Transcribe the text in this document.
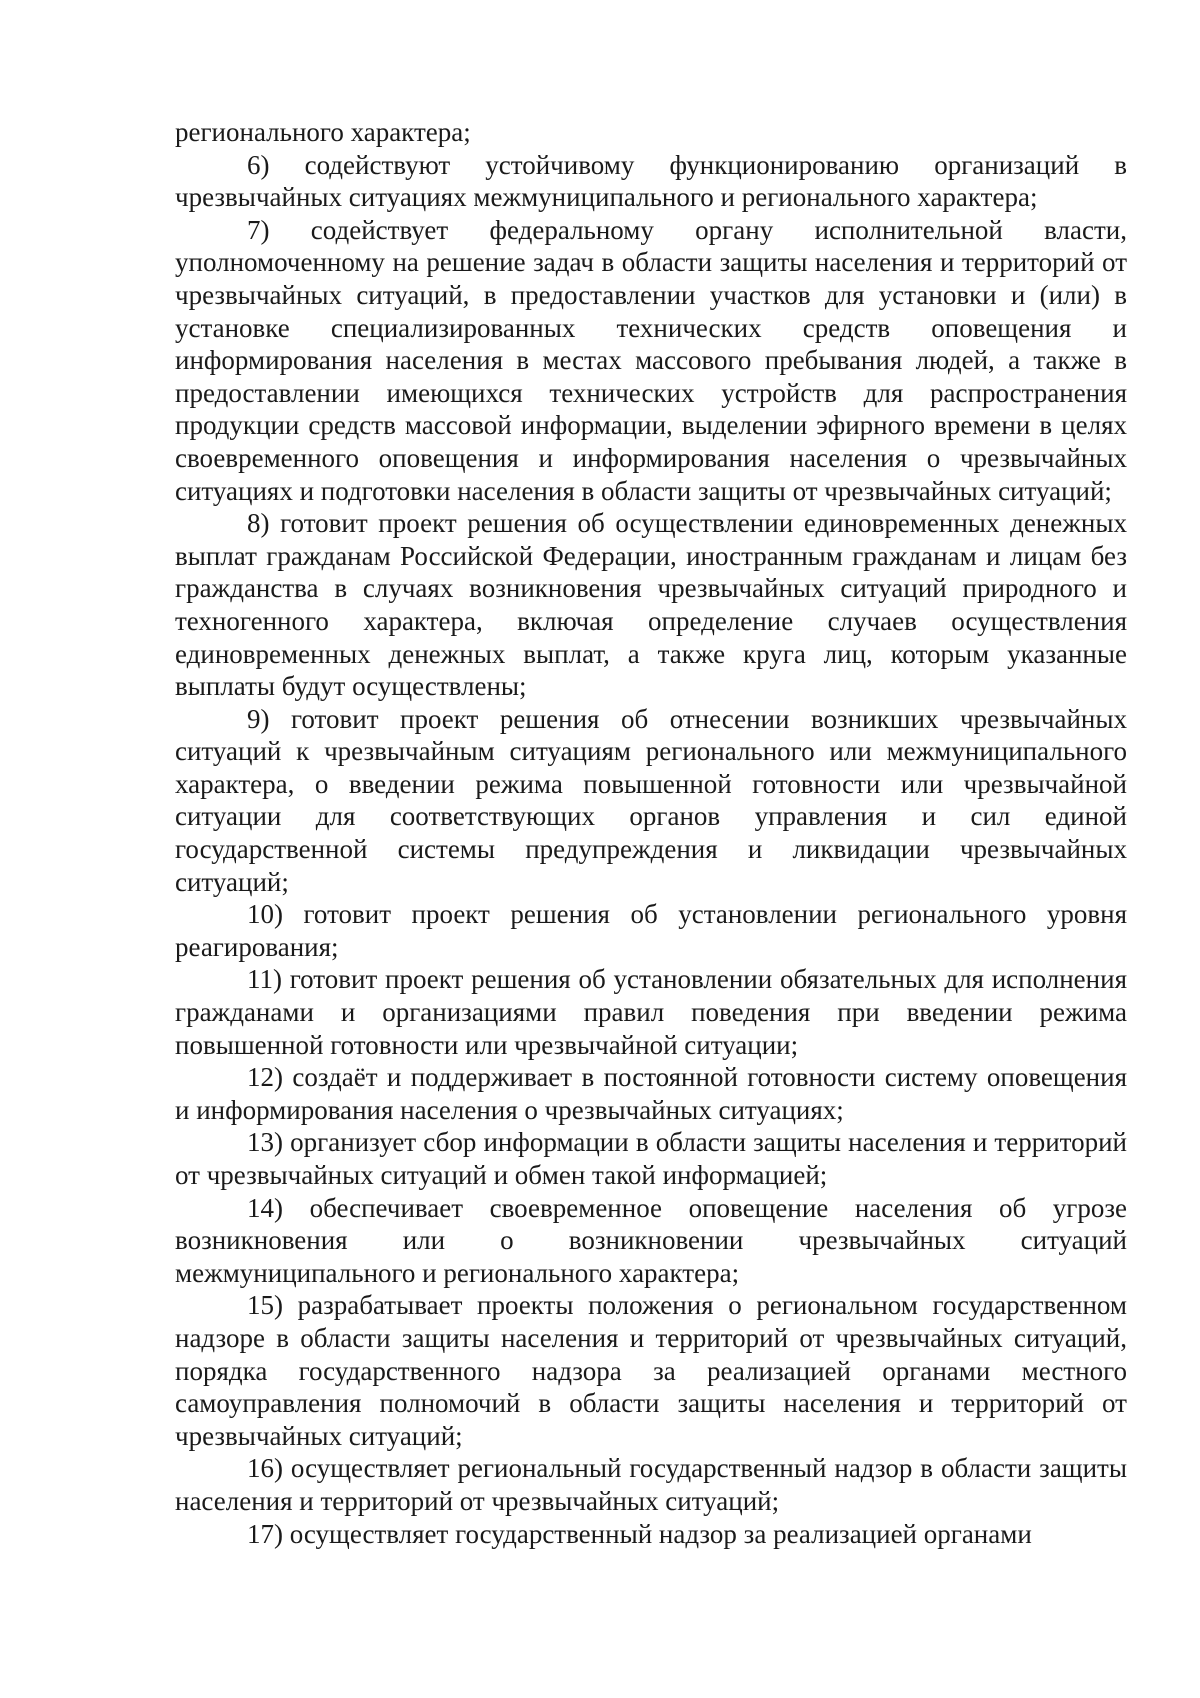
регионального характера;

6) содействуют устойчивому функционированию организаций в чрезвычайных ситуациях межмуниципального и регионального характера;

7) содействует федеральному органу исполнительной власти, уполномоченному на решение задач в области защиты населения и территорий от чрезвычайных ситуаций, в предоставлении участков для установки и (или) в установке специализированных технических средств оповещения и информирования населения в местах массового пребывания людей, а также в предоставлении имеющихся технических устройств для распространения продукции средств массовой информации, выделении эфирного времени в целях своевременного оповещения и информирования населения о чрезвычайных ситуациях и подготовки населения в области защиты от чрезвычайных ситуаций;

8) готовит проект решения об осуществлении единовременных денежных выплат гражданам Российской Федерации, иностранным гражданам и лицам без гражданства в случаях возникновения чрезвычайных ситуаций природного и техногенного характера, включая определение случаев осуществления единовременных денежных выплат, а также круга лиц, которым указанные выплаты будут осуществлены;

9) готовит проект решения об отнесении возникших чрезвычайных ситуаций к чрезвычайным ситуациям регионального или межмуниципального характера, о введении режима повышенной готовности или чрезвычайной ситуации для соответствующих органов управления и сил единой государственной системы предупреждения и ликвидации чрезвычайных ситуаций;

10) готовит проект решения об установлении регионального уровня реагирования;

11) готовит проект решения об установлении обязательных для исполнения гражданами и организациями правил поведения при введении режима повышенной готовности или чрезвычайной ситуации;

12) создаёт и поддерживает в постоянной готовности систему оповещения и информирования населения о чрезвычайных ситуациях;

13) организует сбор информации в области защиты населения и территорий от чрезвычайных ситуаций и обмен такой информацией;

14) обеспечивает своевременное оповещение населения об угрозе возникновения или о возникновении чрезвычайных ситуаций межмуниципального и регионального характера;

15) разрабатывает проекты положения о региональном государственном надзоре в области защиты населения и территорий от чрезвычайных ситуаций, порядка государственного надзора за реализацией органами местного самоуправления полномочий в области защиты населения и территорий от чрезвычайных ситуаций;

16) осуществляет региональный государственный надзор в области защиты населения и территорий от чрезвычайных ситуаций;

17) осуществляет государственный надзор за реализацией органами
